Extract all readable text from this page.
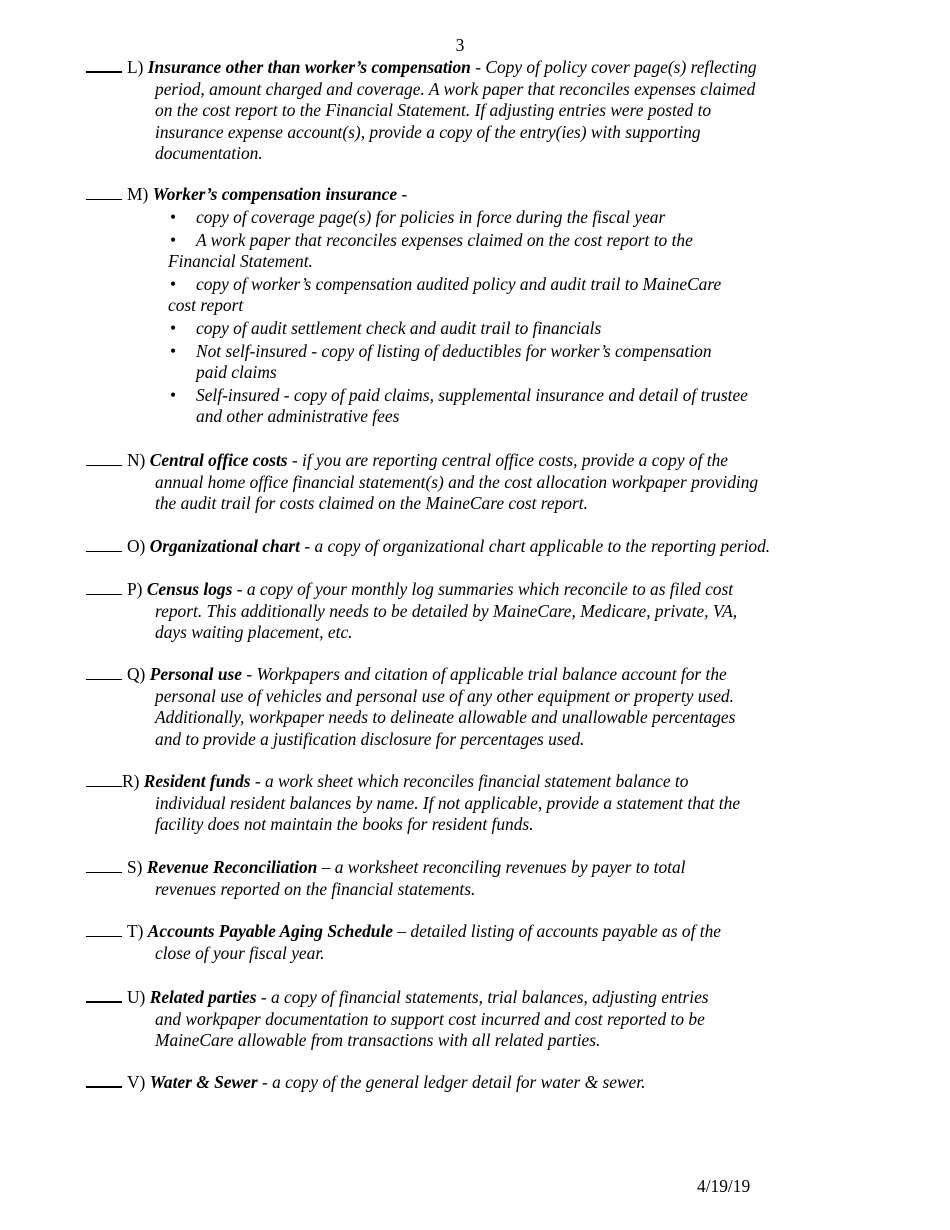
3
L) Insurance other than worker’s compensation - Copy of policy cover page(s) reflecting

period, amount charged and coverage. A work paper that reconciles expenses claimed

on the cost report to the Financial Statement. If adjusting entries were posted to

insurance expense account(s), provide a copy of the entry(ies) with supporting

documentation.

M) Worker’s compensation insurance -

• copy of coverage page(s) for policies in force during the fiscal year

• A work paper that reconciles expenses claimed on the cost report to the
Financial Statement.

• copy of worker’s compensation audited policy and audit trail to MaineCare
cost report

• copy of audit settlement check and audit trail to financials

• Not self-insured - copy of listing of deductibles for worker’s compensation
paid claims

• Self-insured - copy of paid claims, supplemental insurance and detail of trustee
and other administrative fees

N) Central office costs - if you are reporting central office costs, provide a copy of the

annual home office financial statement(s) and the cost allocation workpaper providing

the audit trail for costs claimed on the MaineCare cost report.

O) Organizational chart - a copy of organizational chart applicable to the reporting period.
P) Census logs - a copy of your monthly log summaries which reconcile to as filed cost

report. This additionally needs to be detailed by MaineCare, Medicare, private, VA,

days waiting placement, etc.

Q) Personal use - Workpapers and citation of applicable trial balance account for the

personal use of vehicles and personal use of any other equipment or property used.

Additionally, workpaper needs to delineate allowable and unallowable percentages

and to provide a justification disclosure for percentages used.

R) Resident funds - a work sheet which reconciles financial statement balance to

individual resident balances by name. If not applicable, provide a statement that the

facility does not maintain the books for resident funds.

S) Revenue Reconciliation – a worksheet reconciling revenues by payer to total

revenues reported on the financial statements.

T) Accounts Payable Aging Schedule – detailed listing of accounts payable as of the

close of your fiscal year.

U) Related parties - a copy of financial statements, trial balances, adjusting entries

and workpaper documentation to support cost incurred and cost reported to be

MaineCare allowable from transactions with all related parties.

V) Water & Sewer - a copy of the general ledger detail for water & sewer.
4/19/19
